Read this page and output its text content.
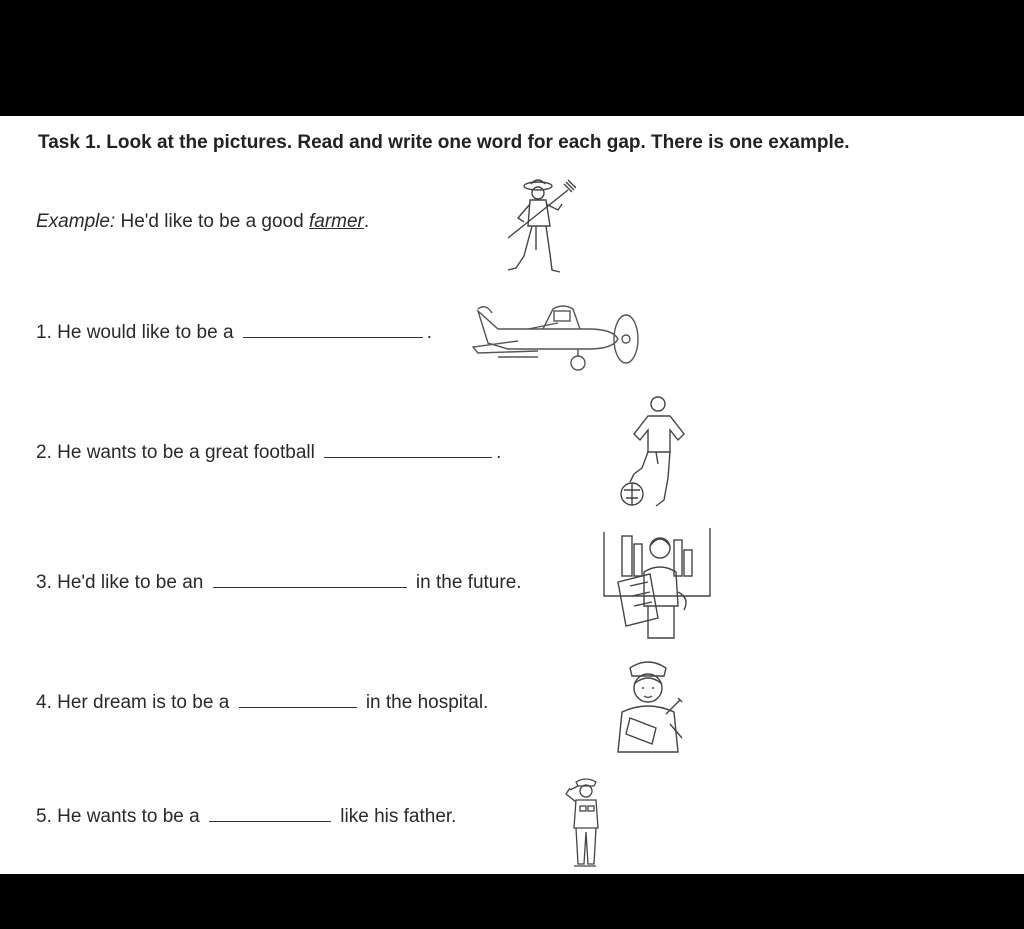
Task 1. Look at the pictures. Read and write one word for each gap. There is one example.
Example: He'd like to be a good farmer.
1. He would like to be a	.
2. He wants to be a great football	.
3. He'd like to be an	in the future.
4. Her dream is to be a	in the hospital.
5. He wants to be a	like his father.
